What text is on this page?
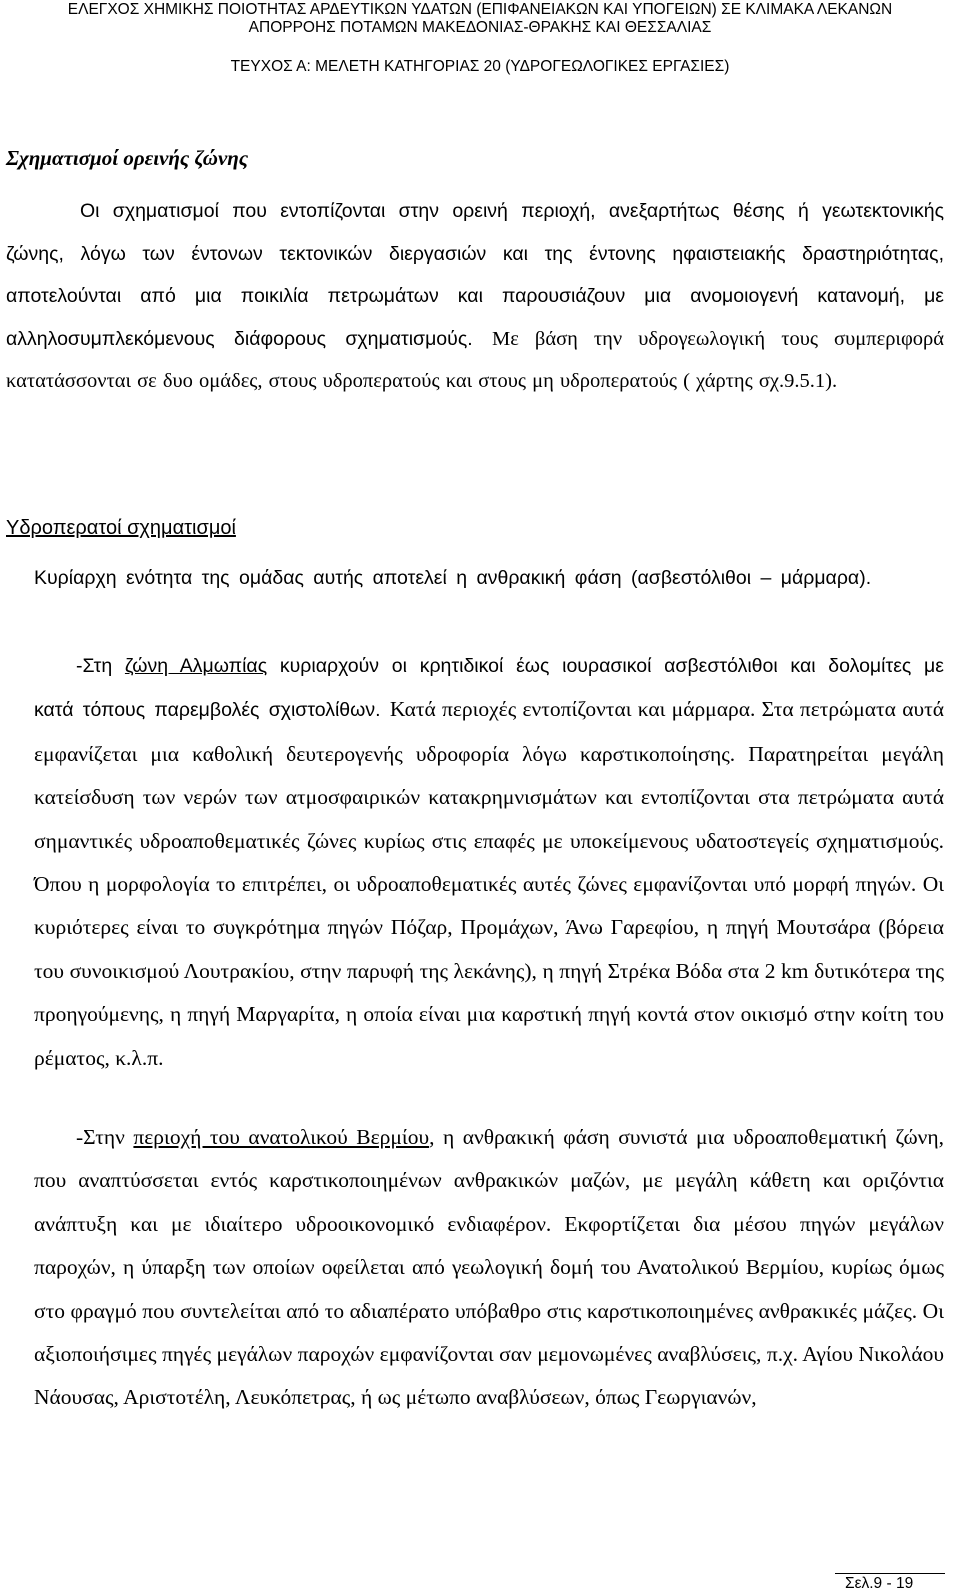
ΕΛΕΓΧΟΣ ΧΗΜΙΚΗΣ ΠΟΙΟΤΗΤΑΣ ΑΡΔΕΥΤΙΚΩΝ ΥΔΑΤΩΝ (ΕΠΙΦΑΝΕΙΑΚΩΝ ΚΑΙ ΥΠΟΓΕΙΩΝ) ΣΕ ΚΛΙΜΑΚΑ ΛΕΚΑΝΩΝ
ΑΠΟΡΡΟΗΣ ΠΟΤΑΜΩΝ ΜΑΚΕΔΟΝΙΑΣ-ΘΡΑΚΗΣ ΚΑΙ ΘΕΣΣΑΛΙΑΣ
ΤΕΥΧΟΣ Α: ΜΕΛΕΤΗ ΚΑΤΗΓΟΡΙΑΣ 20 (ΥΔΡΟΓΕΩΛΟΓΙΚΕΣ ΕΡΓΑΣΙΕΣ)
Σχηματισμοί ορεινής ζώνης

Οι σχηματισμοί που εντοπίζονται στην ορεινή περιοχή, ανεξαρτήτως θέσης ή γεωτεκτονικής ζώνης, λόγω των έντονων τεκτονικών διεργασιών και της έντονης ηφαιστειακής δραστηριότητας, αποτελούνται από μια ποικιλία πετρωμάτων και παρουσιάζουν μια ανομοιογενή κατανομή, με αλληλοσυμπλεκόμενους διάφορους σχηματισμούς. Με βάση την υδρογεωλογική τους συμπεριφορά κατατάσσονται σε δυο ομάδες, στους υδροπερατούς και στους μη υδροπερατούς ( χάρτης σχ.9.5.1).

Υδροπερατοί σχηματισμοί

Κυρίαρχη ενότητα της ομάδας αυτής αποτελεί η ανθρακική φάση (ασβεστόλιθοι – μάρμαρα).

-Στη ζώνη Αλμωπίας κυριαρχούν οι κρητιδικοί έως ιουρασικοί ασβεστόλιθοι και δολομίτες με κατά τόπους παρεμβολές σχιστολίθων. Κατά περιοχές εντοπίζονται και μάρμαρα. Στα πετρώματα αυτά εμφανίζεται μια καθολική δευτερογενής υδροφορία λόγω καρστικοποίησης. Παρατηρείται μεγάλη κατείσδυση των νερών των ατμοσφαιρικών κατακρημνισμάτων και εντοπίζονται στα πετρώματα αυτά σημαντικές υδροαποθεματικές ζώνες κυρίως στις επαφές με υποκείμενους υδατοστεγείς σχηματισμούς. Όπου η μορφολογία το επιτρέπει, οι υδροαποθεματικές αυτές ζώνες εμφανίζονται υπό μορφή πηγών. Οι κυριότερες είναι το συγκρότημα πηγών Πόζαρ, Προμάχων, Άνω Γαρεφίου, η πηγή Μουτσάρα (βόρεια του συνοικισμού Λουτρακίου, στην παρυφή της λεκάνης), η πηγή Στρέκα Βόδα στα 2 km δυτικότερα της προηγούμενης, η πηγή Μαργαρίτα, η οποία είναι μια καρστική πηγή κοντά στον οικισμό στην κοίτη του ρέματος, κ.λ.π.

-Στην περιοχή του ανατολικού Βερμίου, η ανθρακική φάση συνιστά μια υδροαποθεματική ζώνη, που αναπτύσσεται εντός καρστικοποιημένων ανθρακικών μαζών, με μεγάλη κάθετη και οριζόντια ανάπτυξη και με ιδιαίτερο υδροοικονομικό ενδιαφέρον. Εκφορτίζεται δια μέσου πηγών μεγάλων παροχών, η ύπαρξη των οποίων οφείλεται από γεωλογική δομή του Ανατολικού Βερμίου, κυρίως όμως στο φραγμό που συντελείται από το αδιαπέρατο υπόβαθρο στις καρστικοποιημένες ανθρακικές μάζες. Οι αξιοποιήσιμες πηγές μεγάλων παροχών εμφανίζονται σαν μεμονωμένες αναβλύσεις, π.χ. Αγίου Νικολάου Νάουσας, Αριστοτέλη, Λευκόπετρας, ή ως μέτωπο αναβλύσεων, όπως Γεωργιανών,

Σελ.9 - 19
